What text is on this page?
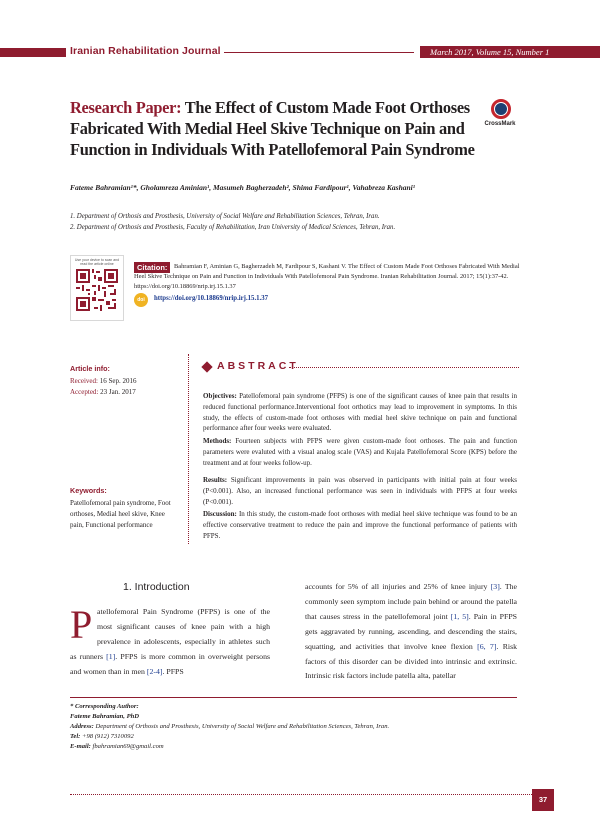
Iranian Rehabilitation Journal	March 2017, Volume 15, Number 1
Research Paper: The Effect of Custom Made Foot Orthoses Fabricated With Medial Heel Skive Technique on Pain and Function in Individuals With Patellofemoral Pain Syndrome
CrossMark
Fateme Bahramian¹*, Gholamreza Aminian¹, Masumeh Bagherzadeh², Shima Fardipour¹, Vahabreza Kashani¹
1. Department of Orthosis and Prosthesis, University of Social Welfare and Rehabilitation Sciences, Tehran, Iran.
2. Department of Orthosis and Prosthesis, Faculty of Rehabilitation, Iran University of Medical Sciences, Tehran, Iran.
Use your device to scan and read the article online	Bahramian F, Aminian G, Bagherzadeh M, Fardipour S, Kashani V. The Effect of Custom Made Foot Orthoses Fabricated With Medial Heel Skive Technique on Pain and Function in Individuals With Patellofemoral Pain Syndrome. Iranian Rehabilitation Journal. 2017; 15(1):37-42. https://doi.org/10.18869/nrip.irj.15.1.37
Citation:
doi	https://doi.org/10.18869/nrip.irj.15.1.37
Article info:
Received: 16 Sep. 2016
Accepted: 23 Jan. 2017
Keywords:
Patellofemoral pain syndrome, Foot orthoses, Medial heel skive, Knee pain, Functional performance
ABSTRACT
Objectives: Patellofemoral pain syndrome (PFPS) is one of the significant causes of knee pain that results in reduced functional performance.Interventional foot orthotics may lead to improvement in symptoms. In this study, the effects of custom-made foot orthoses with medial heel skive technique on pain and functional performance after four weeks were evaluated.
Methods: Fourteen subjects with PFPS were given custom-made foot orthoses. The pain and function parameters were evaluted with a visual analog scale (VAS) and Kujala Patellofemoral Score (KPS) before the treatment and at four weeks follow-up.
Results: Significant improvements in pain was observed in participants with initial pain at four weeks (P<0.001). Also, an increased functional performance was seen in individuals with PFPS at four weeks (P<0.001).
Discussion: In this study, the custom-made foot orthoses with medial heel skive technique was found to be an effective conservative treatment to reduce the pain and improve the functional performance of patients with PFPS.
1. Introduction
P atellofemoral Pain Syndrome (PFPS) is one of the most significant causes of knee pain with a high prevalence in adolescents, especially in athletes such as runners [1]. PFPS is more common in overweight persons and women than in men [2-4]. PFPS
accounts for 5% of all injuries and 25% of knee injury [3]. The commonly seen symptom include pain behind or around the patella that causes stress in the patellofemoral joint [1, 5]. Pain in PFPS gets aggravated by running, ascending, and descending the stairs, squatting, and activities that involve knee flexion [6, 7]. Risk factors of this disorder can be divided into intrinsic and extrinsic. Intrinsic risk factors include patella alta, patellar
* Corresponding Author:
Fateme Bahramian, PhD
Address: Department of Orthosis and Prosthesis, University of Social Welfare and Rehabilitation Sciences, Tehran, Iran.
Tel: +98 (912) 7310092
E-mail: fbahramian69@gmail.com
37
